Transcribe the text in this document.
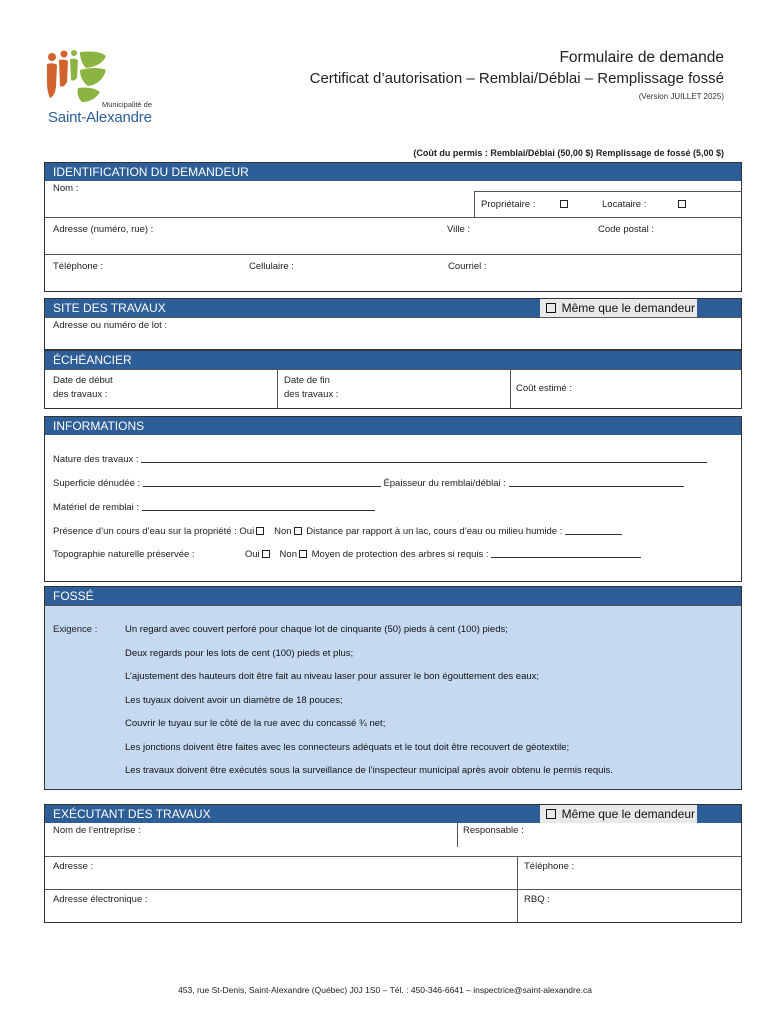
Municipalité de
Saint-Alexandre
Formulaire de demande
Certificat d’autorisation – Remblai/Déblai – Remplissage fossé
(Version JUILLET 2025)
(Coût du permis : Remblai/Déblai (50,00 $) Remplissage de fossé (5,00 $)
IDENTIFICATION DU DEMANDEUR
Nom :
Propriétaire :	Locataire :
Adresse (numéro, rue) :	Ville :	Code postal :
Téléphone :	Cellulaire :	Courriel :
SITE DES TRAVAUX	Même que le demandeur
Adresse ou numéro de lot :
ÉCHÉANCIER
Date de début
des travaux :
Date de fin
des travaux :
Coût estimé :
INFORMATIONS
Nature des travaux :
Superficie dénudée :	Épaisseur du remblai/déblai :
Matériel de remblai :
Présence d’un cours d’eau sur la propriété : Oui Non Distance par rapport à un lac, cours d’eau ou milieu humide :
Topographie naturelle préservée :	Oui Non Moyen de protection des arbres si requis :
FOSSÉ
Exigence :	Un regard avec couvert perforé pour chaque lot de cinquante (50) pieds à cent (100) pieds;
Deux regards pour les lots de cent (100) pieds et plus;
L’ajustement des hauteurs doit être fait au niveau laser pour assurer le bon égouttement des eaux;
Les tuyaux doivent avoir un diamètre de 18 pouces;
Couvrir le tuyau sur le côté de la rue avec du concassé ¾ net;
Les jonctions doivent être faites avec les connecteurs adéquats et le tout doit être recouvert de géotextile;
Les travaux doivent être exécutés sous la surveillance de l’inspecteur municipal après avoir obtenu le permis requis.
EXÉCUTANT DES TRAVAUX	Même que le demandeur
Nom de l’entreprise :	Responsable :
Adresse :	Téléphone :
Adresse électronique :	RBQ :
453, rue St-Denis, Saint-Alexandre (Québec) J0J 1S0 – Tél. : 450-346-6641 – inspectrice@saint-alexandre.ca
